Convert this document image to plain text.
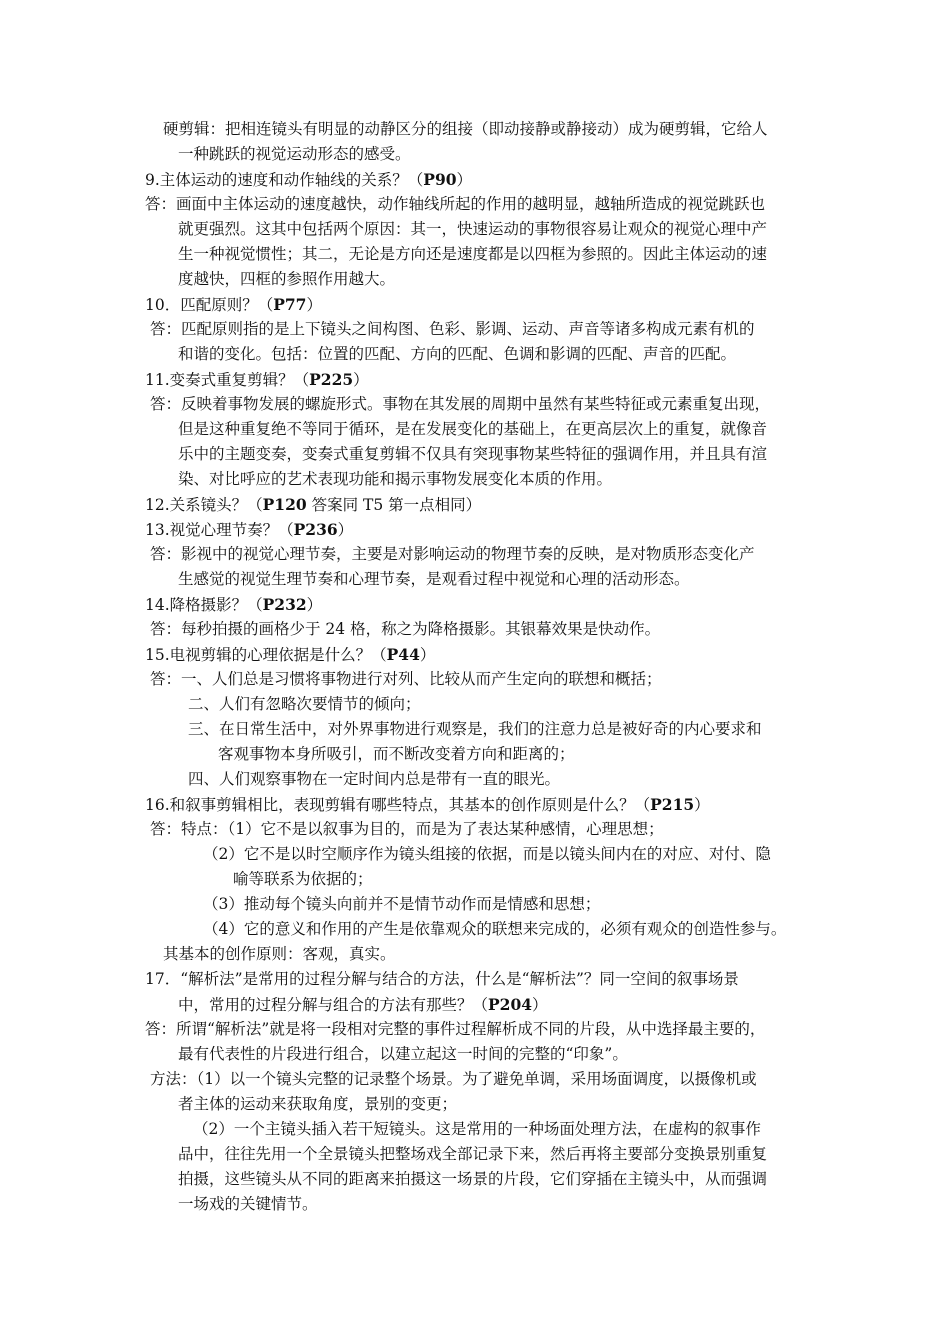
硬剪辑：把相连镜头有明显的动静区分的组接（即动接静或静接动）成为硬剪辑，它给人
一种跳跃的视觉运动形态的感受。
9.主体运动的速度和动作轴线的关系？（P90）
答：画面中主体运动的速度越快，动作轴线所起的作用的越明显，越轴所造成的视觉跳跃也
就更强烈。这其中包括两个原因：其一，快速运动的事物很容易让观众的视觉心理中产
生一种视觉惯性；其二，无论是方向还是速度都是以四框为参照的。因此主体运动的速
度越快，四框的参照作用越大。
10．匹配原则？（P77）
答：匹配原则指的是上下镜头之间构图、色彩、影调、运动、声音等诸多构成元素有机的
和谐的变化。包括：位置的匹配、方向的匹配、色调和影调的匹配、声音的匹配。
11.变奏式重复剪辑？（P225）
答：反映着事物发展的螺旋形式。事物在其发展的周期中虽然有某些特征或元素重复出现，
但是这种重复绝不等同于循环，是在发展变化的基础上，在更高层次上的重复，就像音
乐中的主题变奏，变奏式重复剪辑不仅具有突现事物某些特征的强调作用，并且具有渲
染、对比呼应的艺术表现功能和揭示事物发展变化本质的作用。
12.关系镜头？（P120 答案同 T5 第一点相同）
13.视觉心理节奏？（P236）
答：影视中的视觉心理节奏，主要是对影响运动的物理节奏的反映，是对物质形态变化产
生感觉的视觉生理节奏和心理节奏，是观看过程中视觉和心理的活动形态。
14.降格摄影？（P232）
答：每秒拍摄的画格少于 24 格，称之为降格摄影。其银幕效果是快动作。
15.电视剪辑的心理依据是什么？（P44）
答：一、人们总是习惯将事物进行对列、比较从而产生定向的联想和概括；
二、人们有忽略次要情节的倾向；
三、在日常生活中，对外界事物进行观察是，我们的注意力总是被好奇的内心要求和
客观事物本身所吸引，而不断改变着方向和距离的；
四、人们观察事物在一定时间内总是带有一直的眼光。
16.和叙事剪辑相比，表现剪辑有哪些特点，其基本的创作原则是什么？（P215）
答：特点：（1）它不是以叙事为目的，而是为了表达某种感情，心理思想；
（2）它不是以时空顺序作为镜头组接的依据，而是以镜头间内在的对应、对付、隐
喻等联系为依据的；
（3）推动每个镜头向前并不是情节动作而是情感和思想；
（4）它的意义和作用的产生是依靠观众的联想来完成的，必须有观众的创造性参与。
其基本的创作原则：客观，真实。
17．“解析法”是常用的过程分解与结合的方法，什么是“解析法”？同一空间的叙事场景
中，常用的过程分解与组合的方法有那些？（P204）
答：所谓“解析法”就是将一段相对完整的事件过程解析成不同的片段，从中选择最主要的，
最有代表性的片段进行组合，以建立起这一时间的完整的“印象”。
方法：（1）以一个镜头完整的记录整个场景。为了避免单调，采用场面调度，以摄像机或
者主体的运动来获取角度，景别的变更；
（2）一个主镜头插入若干短镜头。这是常用的一种场面处理方法，在虚构的叙事作
品中，往往先用一个全景镜头把整场戏全部记录下来，然后再将主要部分变换景别重复
拍摄，这些镜头从不同的距离来拍摄这一场景的片段，它们穿插在主镜头中，从而强调
一场戏的关键情节。
